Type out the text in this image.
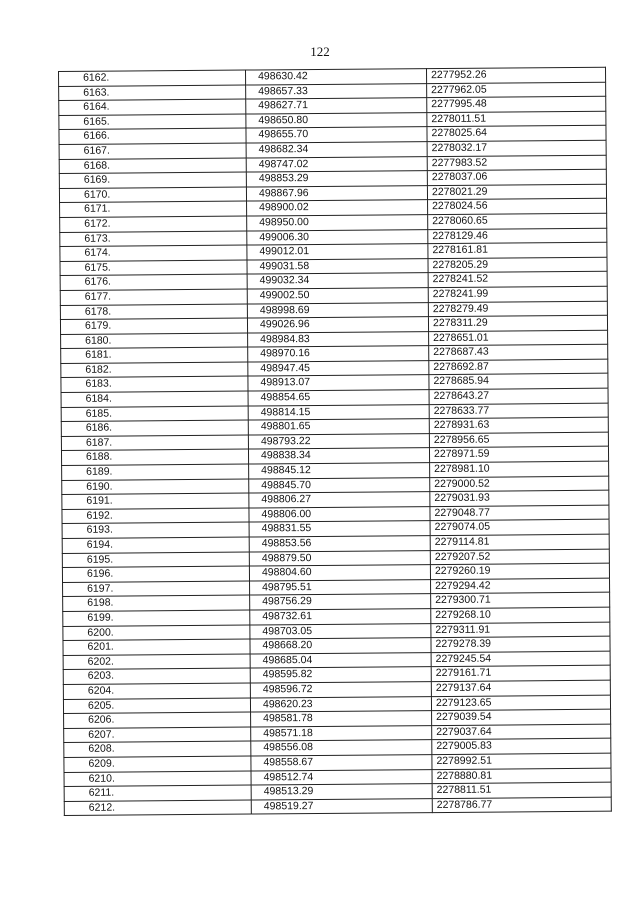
122
6162.	498630.42	2277952.26
6163.	498657.33	2277962.05
6164.	498627.71	2277995.48
6165.	498650.80	2278011.51
6166.	498655.70	2278025.64
6167.	498682.34	2278032.17
6168.	498747.02	2277983.52
6169.	498853.29	2278037.06
6170.	498867.96	2278021.29
6171.	498900.02	2278024.56
6172.	498950.00	2278060.65
6173.	499006.30	2278129.46
6174.	499012.01	2278161.81
6175.	499031.58	2278205.29
6176.	499032.34	2278241.52
6177.	499002.50	2278241.99
6178.	498998.69	2278279.49
6179.	499026.96	2278311.29
6180.	498984.83	2278651.01
6181.	498970.16	2278687.43
6182.	498947.45	2278692.87
6183.	498913.07	2278685.94
6184.	498854.65	2278643.27
6185.	498814.15	2278633.77
6186.	498801.65	2278931.63
6187.	498793.22	2278956.65
6188.	498838.34	2278971.59
6189.	498845.12	2278981.10
6190.	498845.70	2279000.52
6191.	498806.27	2279031.93
6192.	498806.00	2279048.77
6193.	498831.55	2279074.05
6194.	498853.56	2279114.81
6195.	498879.50	2279207.52
6196.	498804.60	2279260.19
6197.	498795.51	2279294.42
6198.	498756.29	2279300.71
6199.	498732.61	2279268.10
6200.	498703.05	2279311.91
6201.	498668.20	2279278.39
6202.	498685.04	2279245.54
6203.	498595.82	2279161.71
6204.	498596.72	2279137.64
6205.	498620.23	2279123.65
6206.	498581.78	2279039.54
6207.	498571.18	2279037.64
6208.	498556.08	2279005.83
6209.	498558.67	2278992.51
6210.	498512.74	2278880.81
6211.	498513.29	2278811.51
6212.	498519.27	2278786.77
